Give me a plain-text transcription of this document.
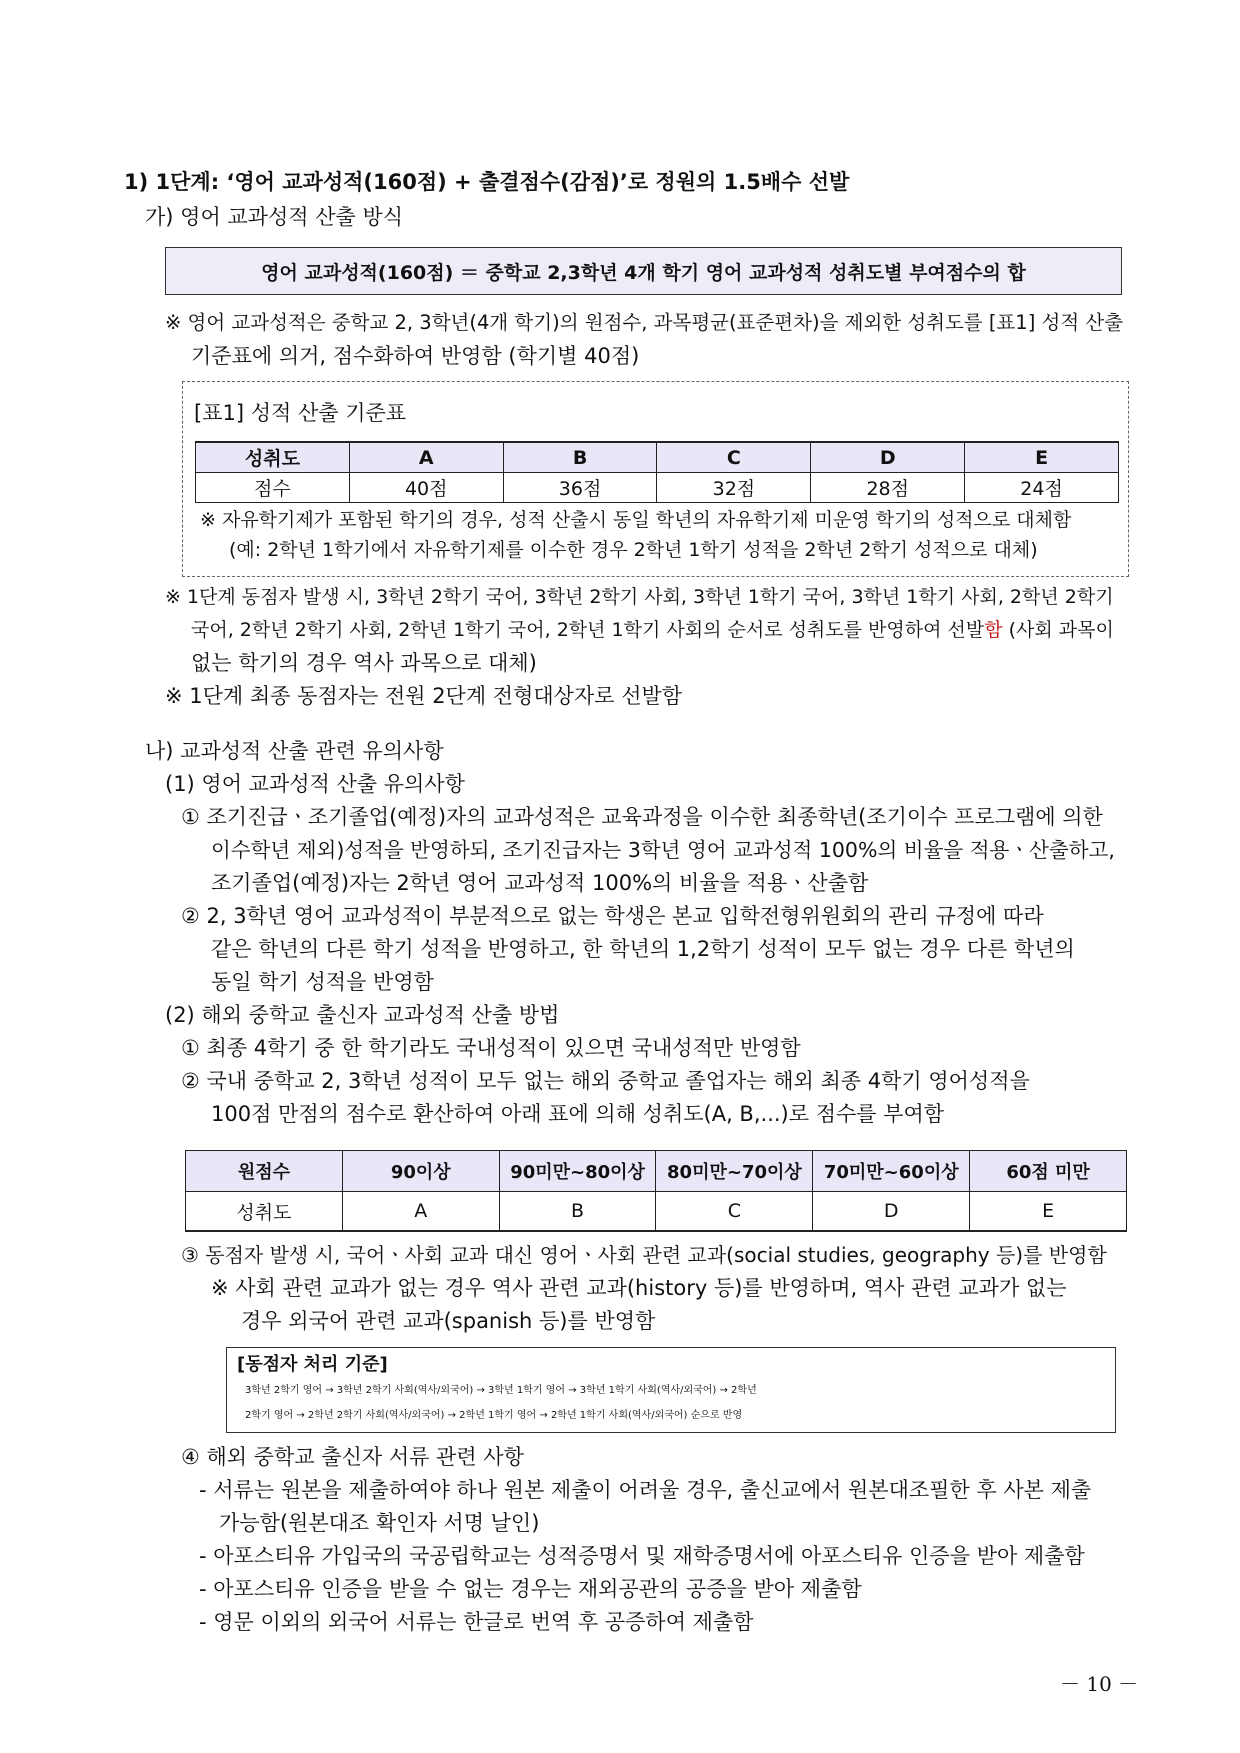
1) 1단계: ‘영어 교과성적(160점) + 출결점수(감점)’로 정원의 1.5배수 선발
가) 영어 교과성적 산출 방식
영어 교과성적(160점) ＝ 중학교 2,3학년 4개 학기 영어 교과성적 성취도별 부여점수의 합
※ 영어 교과성적은 중학교 2, 3학년(4개 학기)의 원점수, 과목평균(표준편차)을 제외한 성취도를 [표1] 성적 산출
기준표에 의거, 점수화하여 반영함 (학기별 40점)
[표1] 성적 산출 기준표
성취도	A	B	C	D	E
점수	40점	36점	32점	28점	24점
※ 자유학기제가 포함된 학기의 경우, 성적 산출시 동일 학년의 자유학기제 미운영 학기의 성적으로 대체함
(예: 2학년 1학기에서 자유학기제를 이수한 경우 2학년 1학기 성적을 2학년 2학기 성적으로 대체)
※ 1단계 동점자 발생 시, 3학년 2학기 국어, 3학년 2학기 사회, 3학년 1학기 국어, 3학년 1학기 사회, 2학년 2학기
국어, 2학년 2학기 사회, 2학년 1학기 국어, 2학년 1학기 사회의 순서로 성취도를 반영하여 선발함 (사회 과목이
없는 학기의 경우 역사 과목으로 대체)
※ 1단계 최종 동점자는 전원 2단계 전형대상자로 선발함
나) 교과성적 산출 관련 유의사항
(1) 영어 교과성적 산출 유의사항
① 조기진급ㆍ조기졸업(예정)자의 교과성적은 교육과정을 이수한 최종학년(조기이수 프로그램에 의한
이수학년 제외)성적을 반영하되, 조기진급자는 3학년 영어 교과성적 100%의 비율을 적용ㆍ산출하고,
조기졸업(예정)자는 2학년 영어 교과성적 100%의 비율을 적용ㆍ산출함
② 2, 3학년 영어 교과성적이 부분적으로 없는 학생은 본교 입학전형위원회의 관리 규정에 따라
같은 학년의 다른 학기 성적을 반영하고, 한 학년의 1,2학기 성적이 모두 없는 경우 다른 학년의
동일 학기 성적을 반영함
(2) 해외 중학교 출신자 교과성적 산출 방법
① 최종 4학기 중 한 학기라도 국내성적이 있으면 국내성적만 반영함
② 국내 중학교 2, 3학년 성적이 모두 없는 해외 중학교 졸업자는 해외 최종 4학기 영어성적을
100점 만점의 점수로 환산하여 아래 표에 의해 성취도(A, B,...)로 점수를 부여함
원점수	90이상	90미만~80이상	80미만~70이상	70미만~60이상	60점 미만
성취도	A	B	C	D	E
③ 동점자 발생 시, 국어ㆍ사회 교과 대신 영어ㆍ사회 관련 교과(social studies, geography 등)를 반영함
※ 사회 관련 교과가 없는 경우 역사 관련 교과(history 등)를 반영하며, 역사 관련 교과가 없는
경우 외국어 관련 교과(spanish 등)를 반영함
[동점자 처리 기준]
3학년 2학기 영어 → 3학년 2학기 사회(역사/외국어) → 3학년 1학기 영어 → 3학년 1학기 사회(역사/외국어) → 2학년
2학기 영어 → 2학년 2학기 사회(역사/외국어) → 2학년 1학기 영어 → 2학년 1학기 사회(역사/외국어) 순으로 반영
④ 해외 중학교 출신자 서류 관련 사항
- 서류는 원본을 제출하여야 하나 원본 제출이 어려울 경우, 출신교에서 원본대조필한 후 사본 제출
가능함(원본대조 확인자 서명 날인)
- 아포스티유 가입국의 국공립학교는 성적증명서 및 재학증명서에 아포스티유 인증을 받아 제출함
- 아포스티유 인증을 받을 수 없는 경우는 재외공관의 공증을 받아 제출함
- 영문 이외의 외국어 서류는 한글로 번역 후 공증하여 제출함
－ 10 －
